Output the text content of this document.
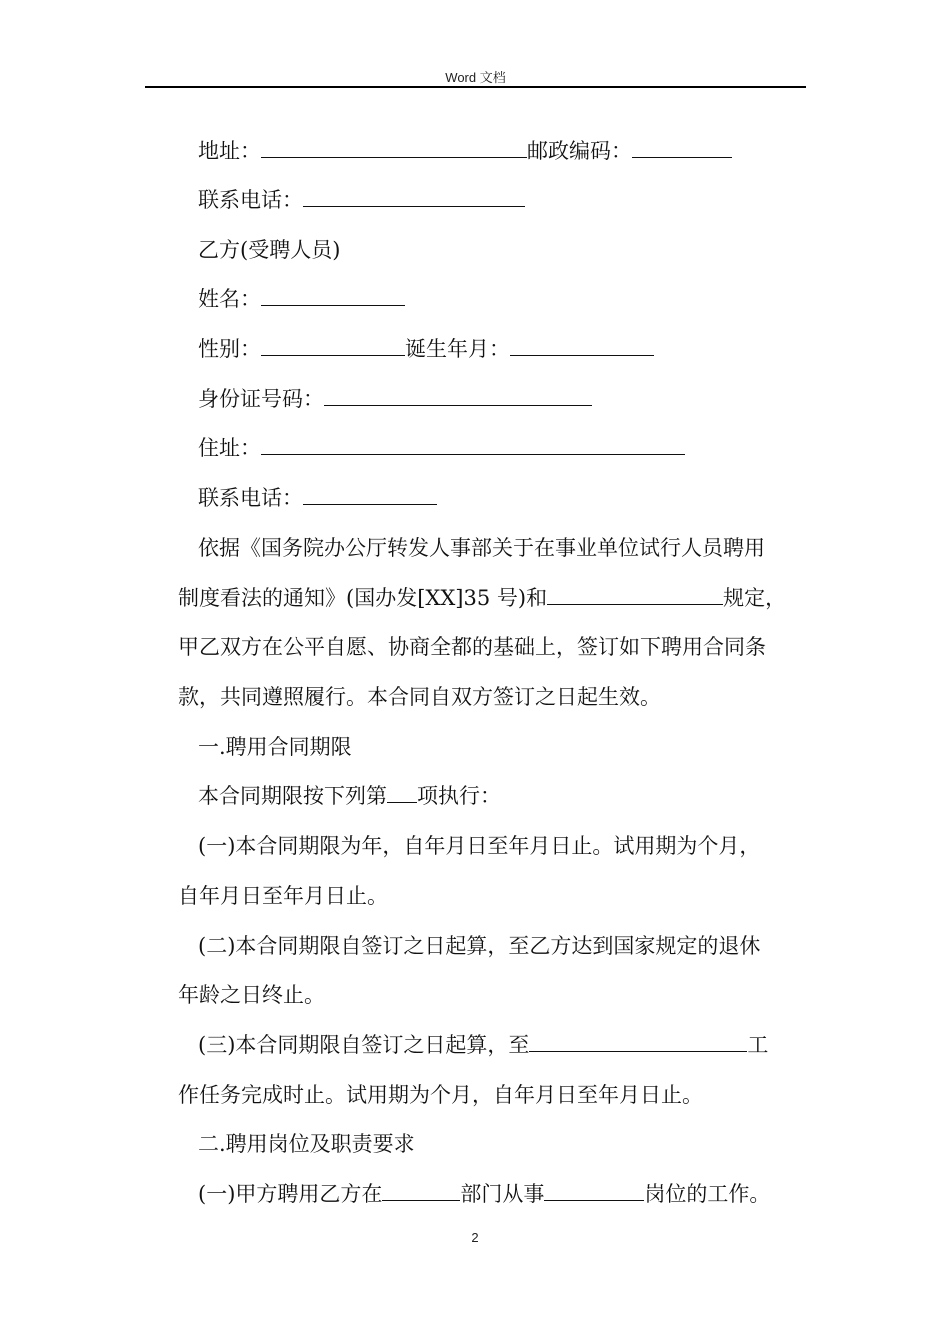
Word 文档
地址：	邮政编码：
联系电话：
乙方(受聘人员)
姓名：
性别：	诞生年月：
身份证号码：
住址：
联系电话：
依据《国务院办公厅转发人事部关于在事业单位试行人员聘用
制度看法的通知》(国办发[XX]35 号)和	规定，
甲乙双方在公平自愿、协商全都的基础上，签订如下聘用合同条
款，共同遵照履行。本合同自双方签订之日起生效。
一.聘用合同期限
本合同期限按下列第 项执行：
(一)本合同期限为年，自年月日至年月日止。试用期为个月，
自年月日至年月日止。
(二)本合同期限自签订之日起算，至乙方达到国家规定的退休
年龄之日终止。
(三)本合同期限自签订之日起算，至	工
作任务完成时止。试用期为个月，自年月日至年月日止。
二.聘用岗位及职责要求
(一)甲方聘用乙方在	部门从事	岗位的工作。
2
